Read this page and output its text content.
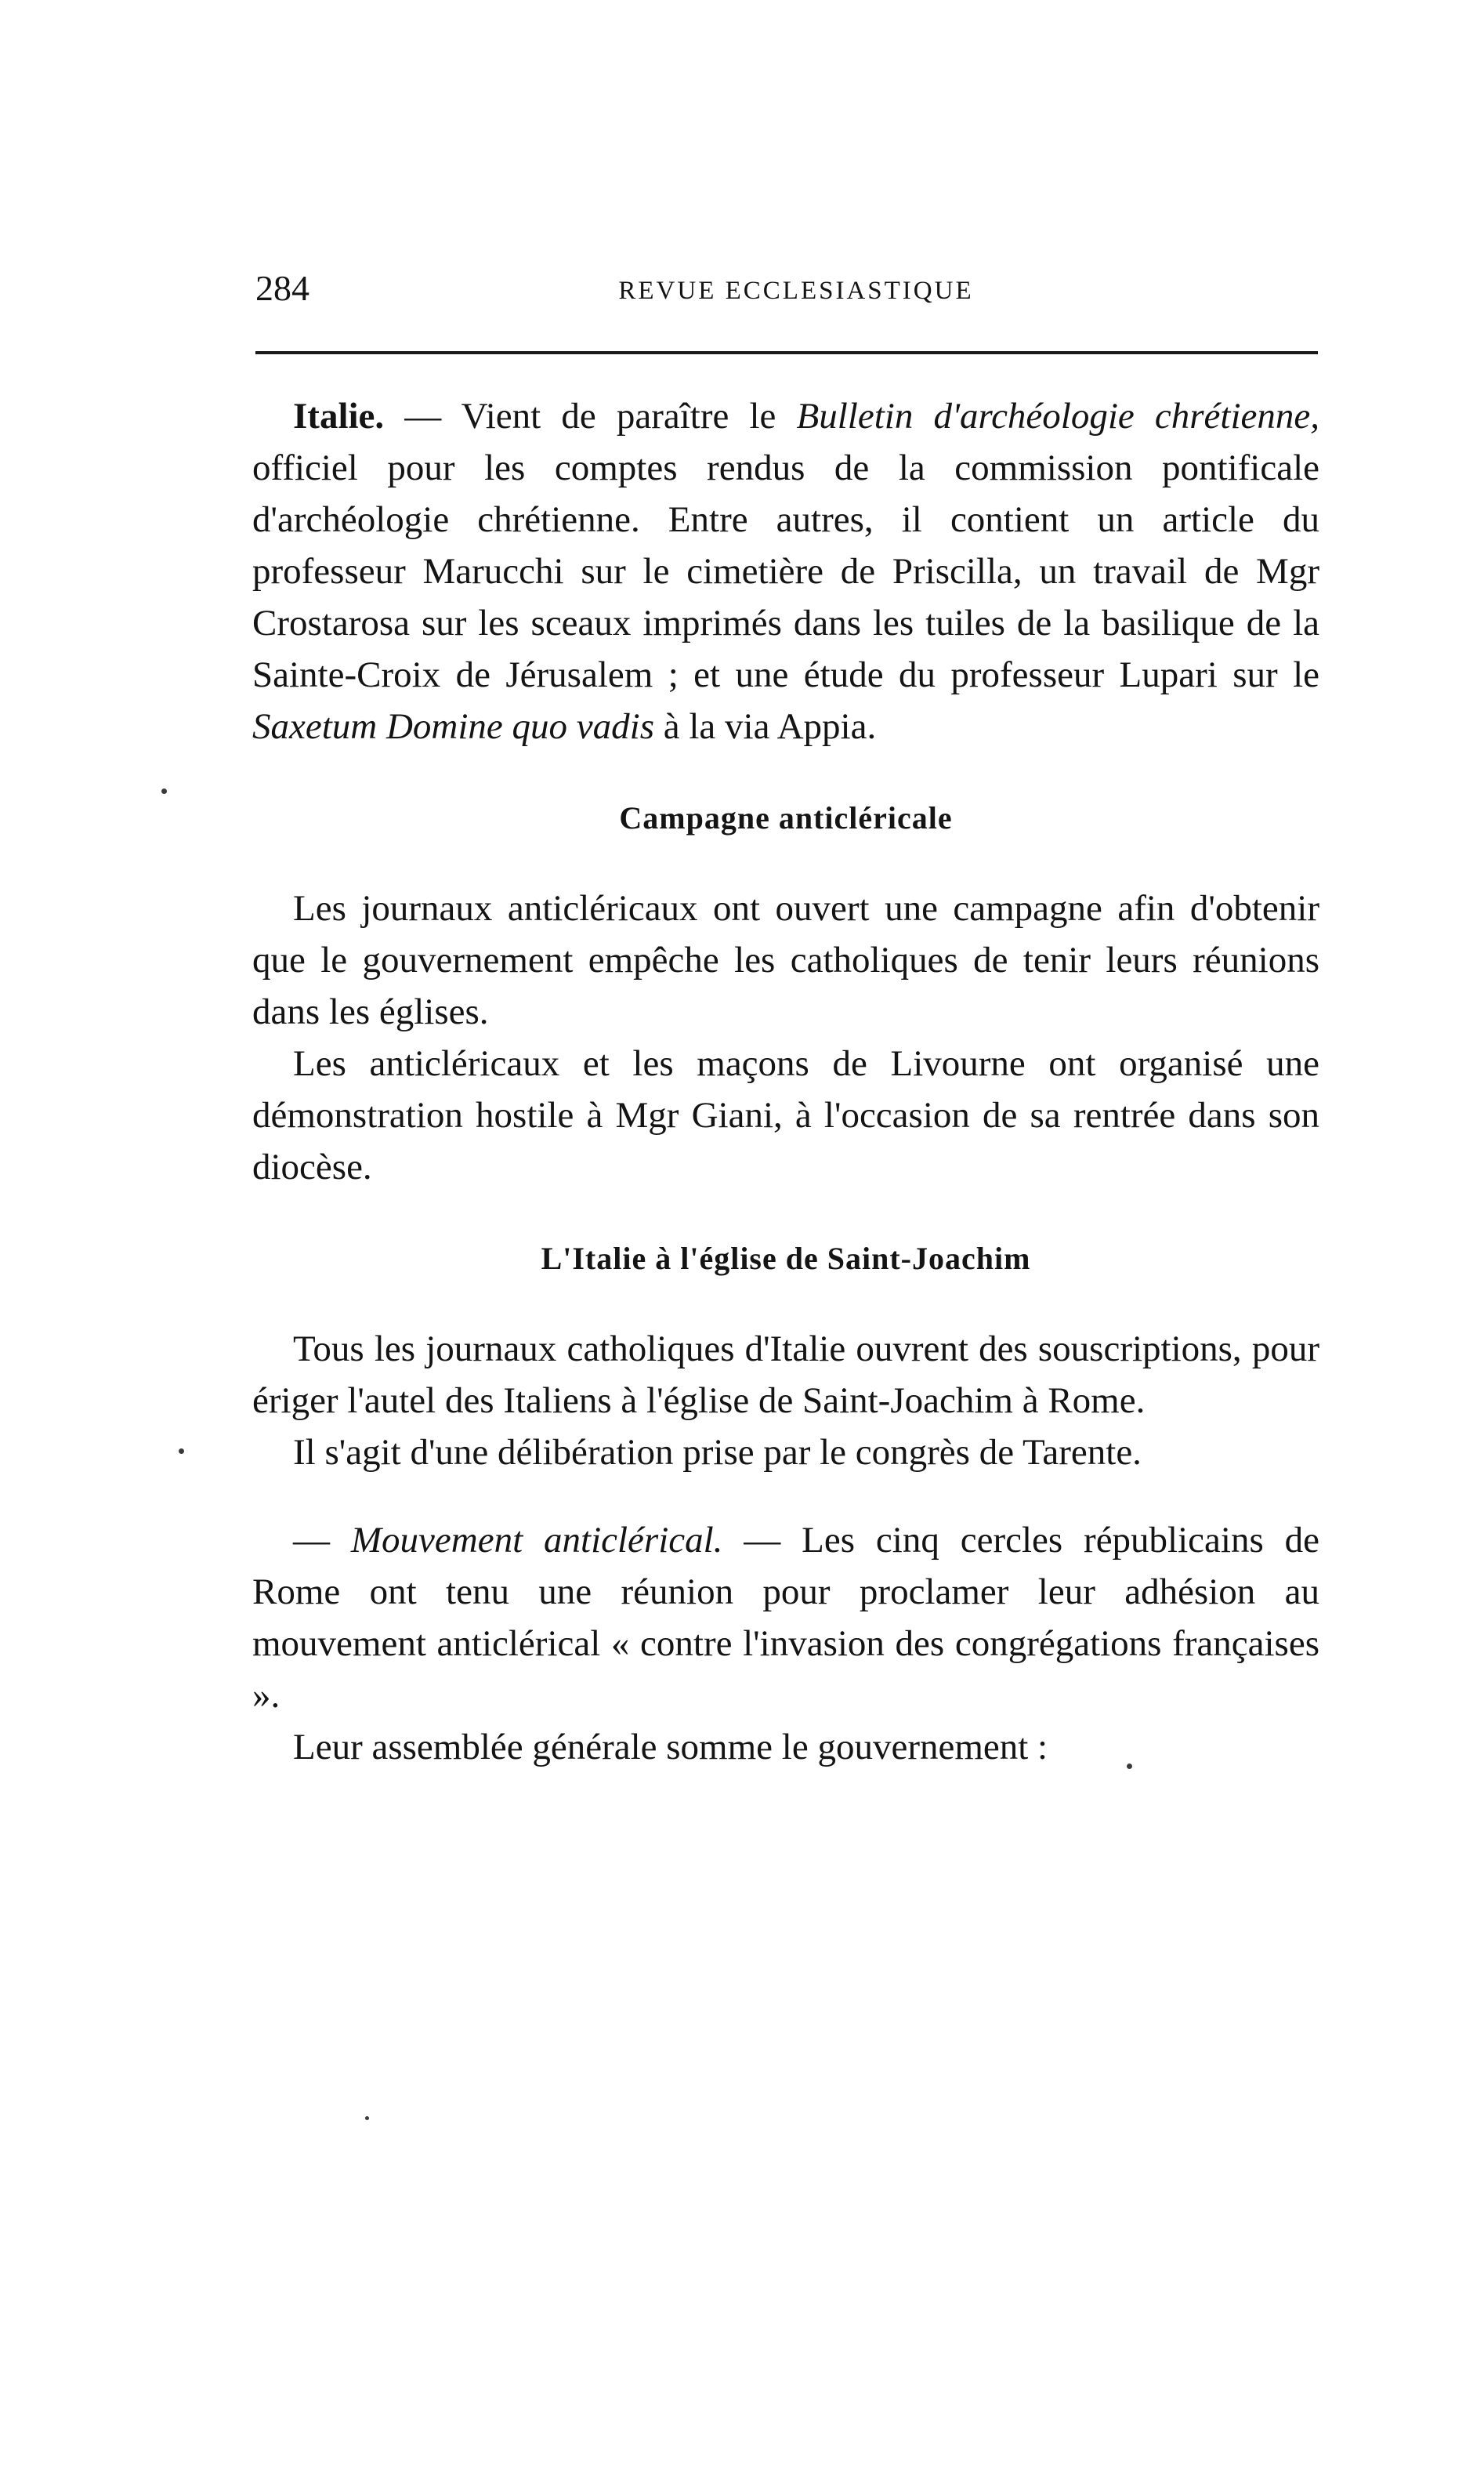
284	REVUE ECCLESIASTIQUE

Italie. — Vient de paraître le Bulletin d'archéologie chrétienne, officiel pour les comptes rendus de la commission pontificale d'archéologie chrétienne. Entre autres, il contient un article du professeur Marucchi sur le cimetière de Priscilla, un travail de Mgr Crostarosa sur les sceaux imprimés dans les tuiles de la basilique de la Sainte-Croix de Jérusalem ; et une étude du professeur Lupari sur le Saxetum Domine quo vadis à la via Appia.

Campagne anticléricale

Les journaux anticléricaux ont ouvert une campagne afin d'obtenir que le gouvernement empêche les catholiques de tenir leurs réunions dans les églises.

Les anticléricaux et les maçons de Livourne ont organisé une démonstration hostile à Mgr Giani, à l'occasion de sa rentrée dans son diocèse.

L'Italie à l'église de Saint-Joachim

Tous les journaux catholiques d'Italie ouvrent des souscriptions, pour ériger l'autel des Italiens à l'église de Saint-Joachim à Rome.

Il s'agit d'une délibération prise par le congrès de Tarente.

— Mouvement anticlérical. — Les cinq cercles républicains de Rome ont tenu une réunion pour proclamer leur adhésion au mouvement anticlérical « contre l'invasion des congrégations françaises ».

Leur assemblée générale somme le gouvernement :
